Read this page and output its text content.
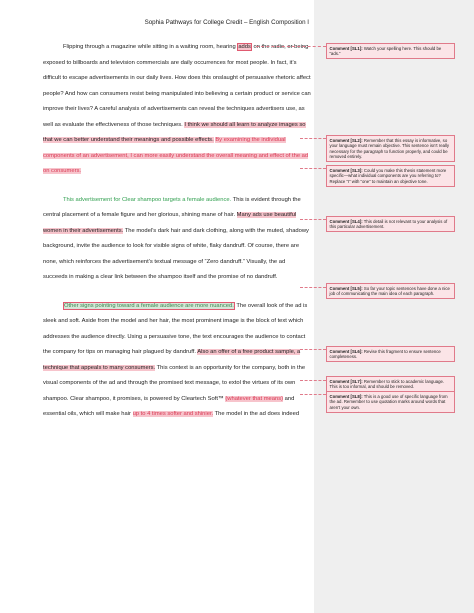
Sophia Pathways for College Credit – English Composition I

Flipping through a magazine while sitting in a waiting room, hearing adds on the radio, or being exposed to billboards and television commercials are daily occurrences for most people. In fact, it’s difficult to escape advertisements in our daily lives. How does this onslaught of persuasive rhetoric affect people? And how can consumers resist being manipulated into believing a certain product or service can improve their lives? A careful analysis of advertisements can reveal the techniques advertisers use, as well as evaluate the effectiveness of those techniques. I think we should all learn to analyze images so that we can better understand their meanings and possible effects. By examining the individual components of an advertisement, I can more easily understand the overall meaning and effect of the ad on consumers.

This advertisement for Clear shampoo targets a female audience. This is evident through the central placement of a female figure and her glorious, shining mane of hair. Many ads use beautiful women in their advertisements. The model’s dark hair and dark clothing, along with the muted, shadowy background, invite the audience to look for visible signs of white, flaky dandruff. Of course, there are none, which reinforces the advertisement’s textual message of “Zero dandruff.” Visually, the ad succeeds in making a clear link between the shampoo itself and the promise of no dandruff.

Other signs pointing toward a female audience are more nuanced. The overall look of the ad is sleek and soft. Aside from the model and her hair, the most prominent image is the block of text which addresses the audience directly. Using a persuasive tone, the text encourages the audience to contact the company for tips on managing hair plagued by dandruff. Also an offer of a free product sample, a technique that appeals to many consumers. This context is an opportunity for the company, both in the visual components of the ad and through the promised text message, to extol the virtues of its own shampoo. Clear shampoo, it promises, is powered by Cleartech Soft™ (whatever that means) and essential oils, which will make hair up to 4 times softer and shinier. The model in the ad does indeed

Comment [SL1]: Watch your spelling here. This should be “ads.”
Comment [SL2]: Remember that this essay is informative, so your language must remain objective. This sentence isn’t really necessary for the paragraph to function properly, and could be removed entirely.
Comment [SL3]: Could you make this thesis statement more specific—what individual components are you referring to? Replace “I” with “one” to maintain an objective tone.
Comment [SL4]: This detail is not relevant to your analysis of this particular advertisement.
Comment [SL5]: So far your topic sentences have done a nice job of communicating the main idea of each paragraph.
Comment [SL6]: Revise this fragment to ensure sentence completeness.
Comment [SL7]: Remember to stick to academic language. This is too informal, and should be removed.
Comment [SL8]: This is a good use of specific language from the ad. Remember to use quotation marks around words that aren’t your own.
